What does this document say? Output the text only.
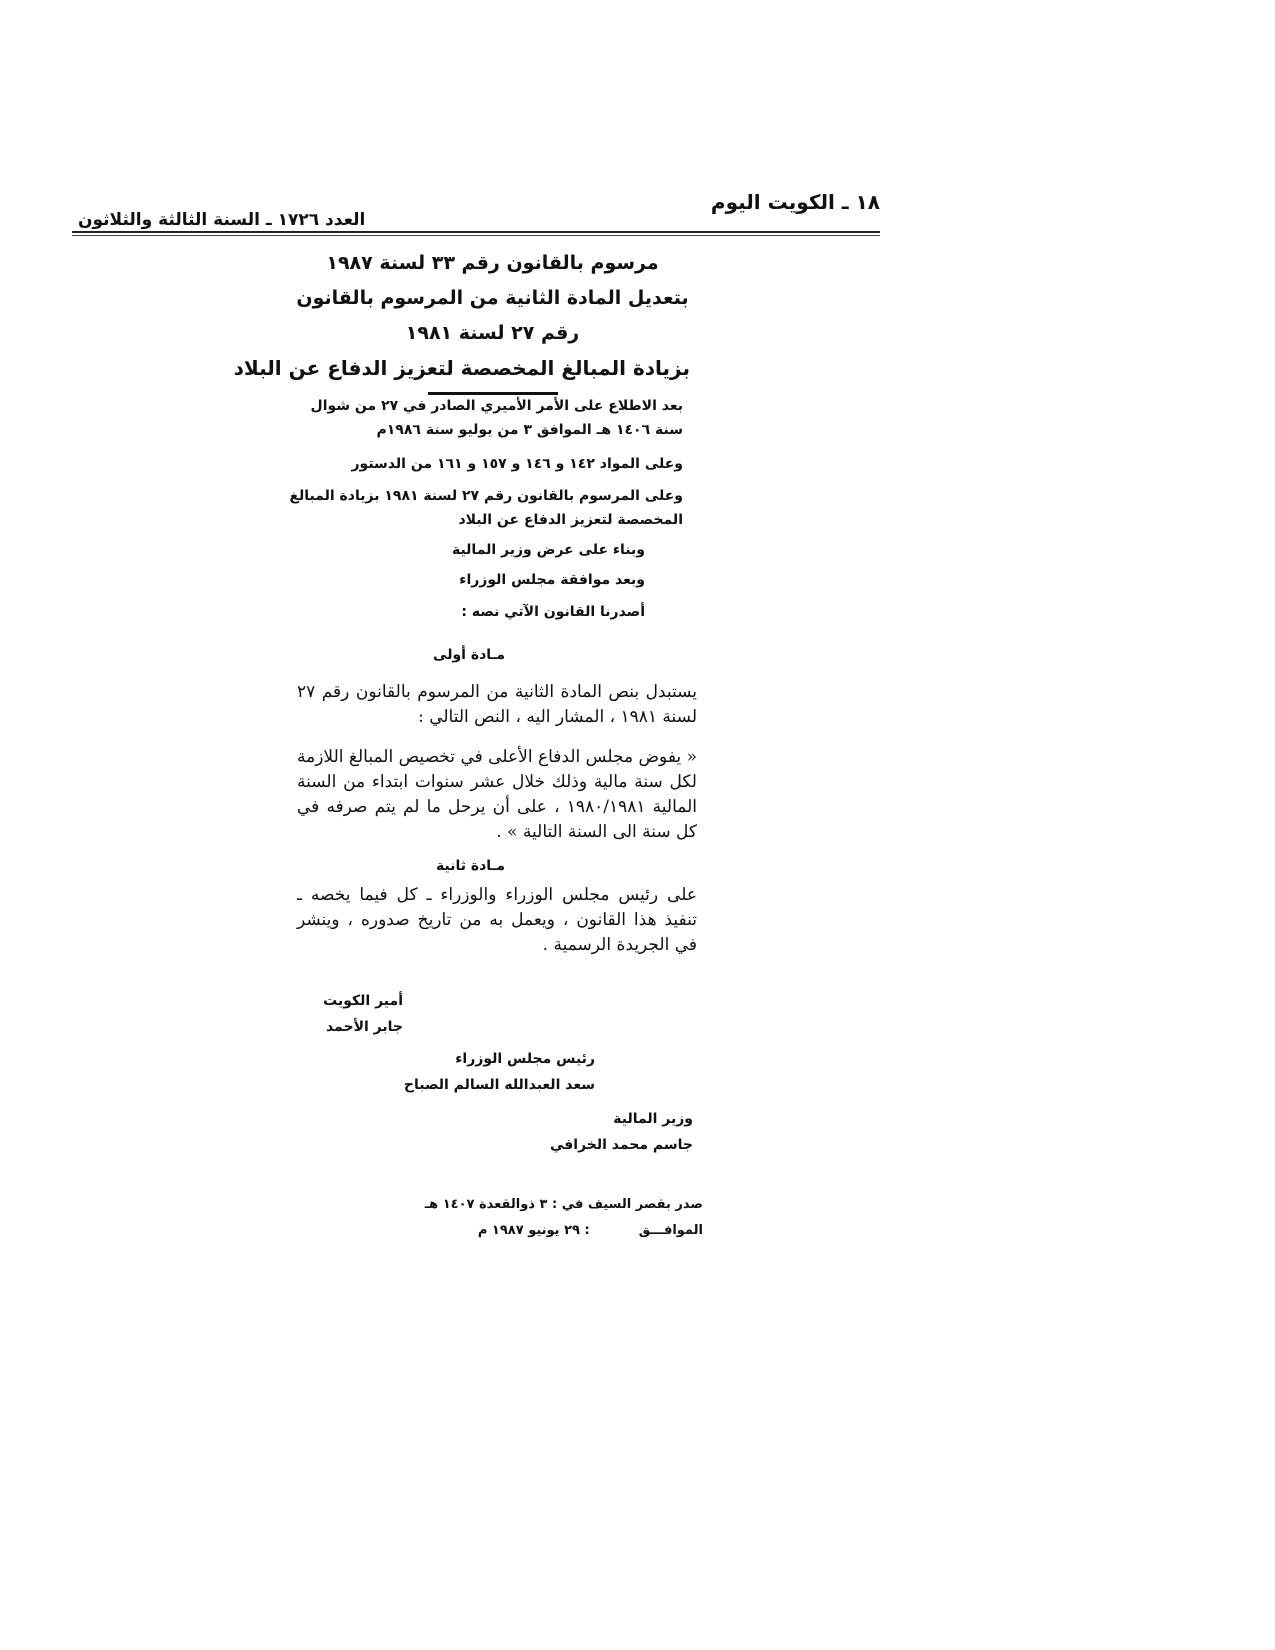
١٨ ـ الكويت اليوم
العدد ١٧٢٦ ـ السنة الثالثة والثلاثون
مرسوم بالقانون رقم ٣٣ لسنة ١٩٨٧
بتعديل المادة الثانية من المرسوم بالقانون
رقم ٢٧ لسنة ١٩٨١
بزيادة المبالغ المخصصة لتعزيز الدفاع عن البلاد
بعد الاطلاع على الأمر الأميري الصادر في ٢٧ من شوال
سنة ١٤٠٦ هـ الموافق ٣ من يوليو سنة ١٩٨٦م
وعلى المواد ١٤٢ و ١٤٦ و ١٥٧ و ١٦١ من الدستور
وعلى المرسوم بالقانون رقم ٢٧ لسنة ١٩٨١ بزيادة المبالغ
المخصصة لتعزيز الدفاع عن البلاد
وبناء على عرض وزير المالية
وبعد موافقة مجلس الوزراء
أصدرنا القانون الآتي نصه :
مـادة أولى
يستبدل بنص المادة الثانية من المرسوم بالقانون رقم ٢٧ لسنة ١٩٨١ ، المشار اليه ، النص التالي :
« يفوض مجلس الدفاع الأعلى في تخصيص المبالغ اللازمة لكل سنة مالية وذلك خلال عشر سنوات ابتداء من السنة المالية ١٩٨٠/١٩٨١ ، على أن يرحل ما لم يتم صرفه في كل سنة الى السنة التالية » .
مـادة ثانية
على رئيس مجلس الوزراء والوزراء ـ كل فيما يخصه ـ تنفيذ هذا القانون ، ويعمل به من تاريخ صدوره ، وينشر في الجريدة الرسمية .
أمير الكويت
جابر الأحمد
رئيس مجلس الوزراء
سعد العبدالله السالم الصباح
وزير المالية
جاسم محمد الخرافي
صدر بقصر السيف في : ٣ ذوالقعدة ١٤٠٧ هـ
الموافـــق  : ٢٩ يونيو ١٩٨٧ م
